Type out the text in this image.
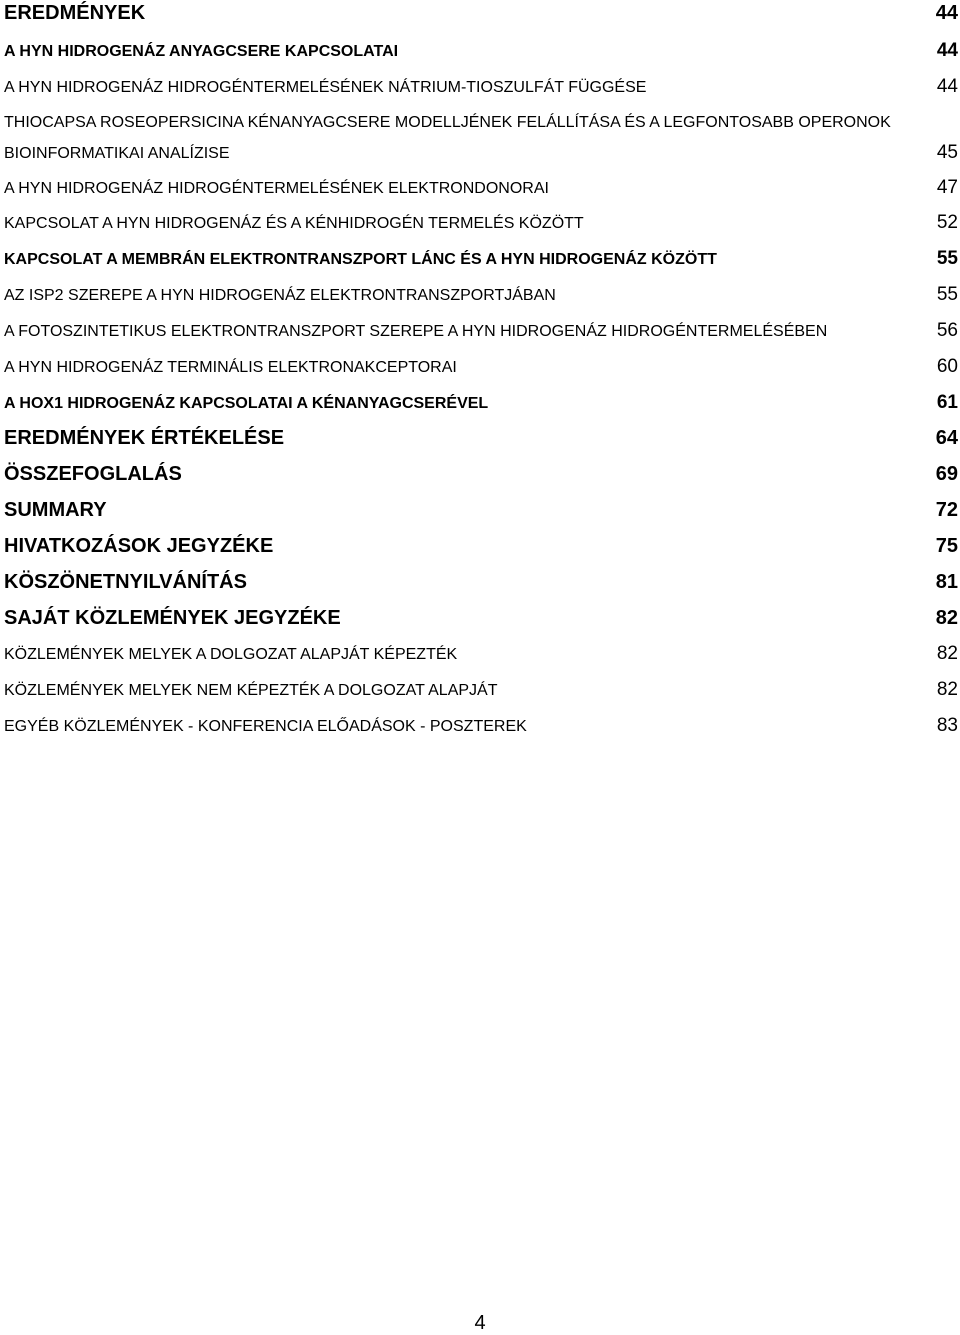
EREDMÉNYEK	44
A HYN HIDROGENÁZ ANYAGCSERE KAPCSOLATAI	44
A HYN HIDROGENÁZ HIDROGÉNTERMELÉSÉNEK NÁTRIUM-TIOSZULFÁT FÜGGÉSE	44
THIOCAPSA ROSEOPERSICINA KÉNANYAGCSERE MODELLJÉNEK FELÁLLÍTÁSA ÉS A LEGFONTOSABB OPERONOK
BIOINFORMATIKAI ANALÍZISE	45
A HYN HIDROGENÁZ HIDROGÉNTERMELÉSÉNEK ELEKTRONDONORAI	47
KAPCSOLAT A HYN HIDROGENÁZ ÉS A KÉNHIDROGÉN TERMELÉS KÖZÖTT	52
KAPCSOLAT A MEMBRÁN ELEKTRONTRANSZPORT LÁNC ÉS A HYN HIDROGENÁZ KÖZÖTT	55
AZ ISP2 SZEREPE A HYN HIDROGENÁZ ELEKTRONTRANSZPORTJÁBAN	55
A FOTOSZINTETIKUS ELEKTRONTRANSZPORT SZEREPE A HYN HIDROGENÁZ HIDROGÉNTERMELÉSÉBEN	56
A HYN HIDROGENÁZ TERMINÁLIS ELEKTRONAKCEPTORAI	60
A HOX1 HIDROGENÁZ KAPCSOLATAI A KÉNANYAGCSERÉVEL	61
EREDMÉNYEK ÉRTÉKELÉSE	64
ÖSSZEFOGLALÁS	69
SUMMARY	72
HIVATKOZÁSOK JEGYZÉKE	75
KÖSZÖNETNYILVÁNÍTÁS	81
SAJÁT KÖZLEMÉNYEK JEGYZÉKE	82
KÖZLEMÉNYEK MELYEK A DOLGOZAT ALAPJÁT KÉPEZTÉK	82
KÖZLEMÉNYEK MELYEK NEM KÉPEZTÉK A DOLGOZAT ALAPJÁT	82
EGYÉB KÖZLEMÉNYEK - KONFERENCIA ELŐADÁSOK - POSZTEREK	83
4
